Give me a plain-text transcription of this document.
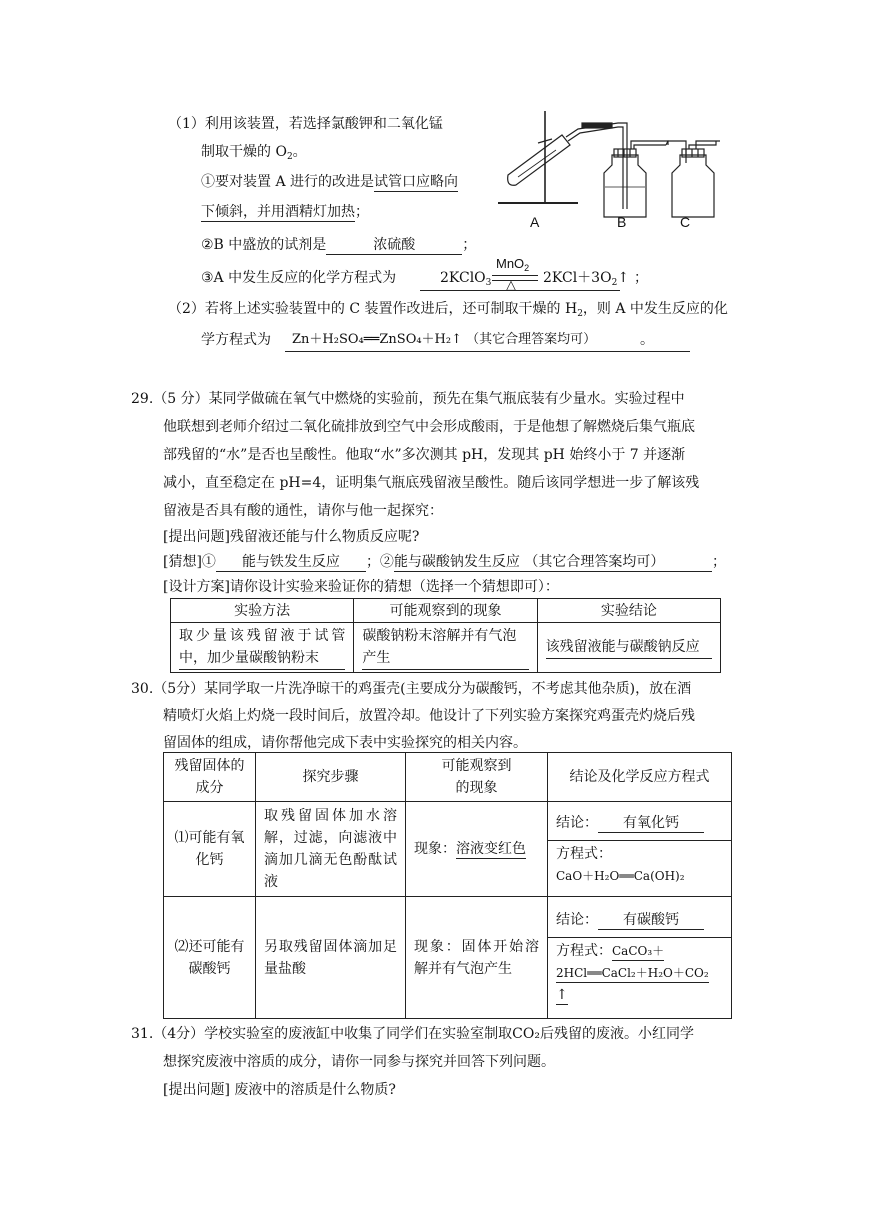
（1）利用该装置，若选择氯酸钾和二氧化锰
制取干燥的 $O_2$。
①要对装置 A 进行的改进是试管口应略向
下倾斜，并用酒精灯加热；
②B 中盛放的试剂是	浓硫酸	；
③A 中发生反应的化学方程式为	2KClO$_3$
MnO$_2$
△ $2KCl+3O_2↑$ ；
（2）若将上述实验装置中的 C 装置作改进后，还可制取干燥的 $H_2$，则 A 中发生反应的化
学方程式为 Zn＋H₂SO₄══ZnSO₄＋H₂↑ （其它合理答案均可）	。
A	B	C
29.（5 分）某同学做硫在氧气中燃烧的实验前，预先在集气瓶底装有少量水。实验过程中
他联想到老师介绍过二氧化硫排放到空气中会形成酸雨，于是他想了解燃烧后集气瓶底
部残留的“水”是否也呈酸性。他取“水”多次测其 pH，发现其 pH 始终小于 7 并逐渐
减小，直至稳定在 pH=4，证明集气瓶底残留液呈酸性。随后该同学想进一步了解该残
留液是否具有酸的通性，请你与他一起探究：
[提出问题]残留液还能与什么物质反应呢?
[猜想]① 能与铁发生反应 ；②能与碳酸钠发生反应 （其它合理答案均可）	；
[设计方案]请你设计实验来验证你的猜想（选择一个猜想即可）：
实验方法	可能观察到的现象	实验结论

取少量该残留液于试管中，加少量碳酸钠粉末	碳酸钠粉末溶解并有气泡产生	该残留液能与碳酸钠反应
30.（5分）某同学取一片洗净晾干的鸡蛋壳(主要成分为碳酸钙，不考虑其他杂质)，放在酒
精喷灯火焰上灼烧一段时间后，放置冷却。他设计了下列实验方案探究鸡蛋壳灼烧后残
留固体的组成，请你帮他完成下表中实验探究的相关内容。
残留固体的成分	探究步骤	可能观察到的现象	结论及化学反应方程式
⑴可能有氧化钙	取残留固体加水溶解，过滤，向滤液中滴加几滴无色酚酞试液	现象：溶液变红色	结论： 有氧化钙
方程式：
CaO＋H₂O══Ca(OH)₂

⑵还可能有碳酸钙	另取残留固体滴加足量盐酸	现象：固体开始溶解并有气泡产生	结论： 有碳酸钙
方程式：CaCO₃＋
2HCl══CaCl₂＋H₂O＋CO₂
↑
31.（4分）学校实验室的废液缸中收集了同学们在实验室制取CO₂后残留的废液。小红同学
想探究废液中溶质的成分，请你一同参与探究并回答下列问题。
[提出问题] 废液中的溶质是什么物质?
